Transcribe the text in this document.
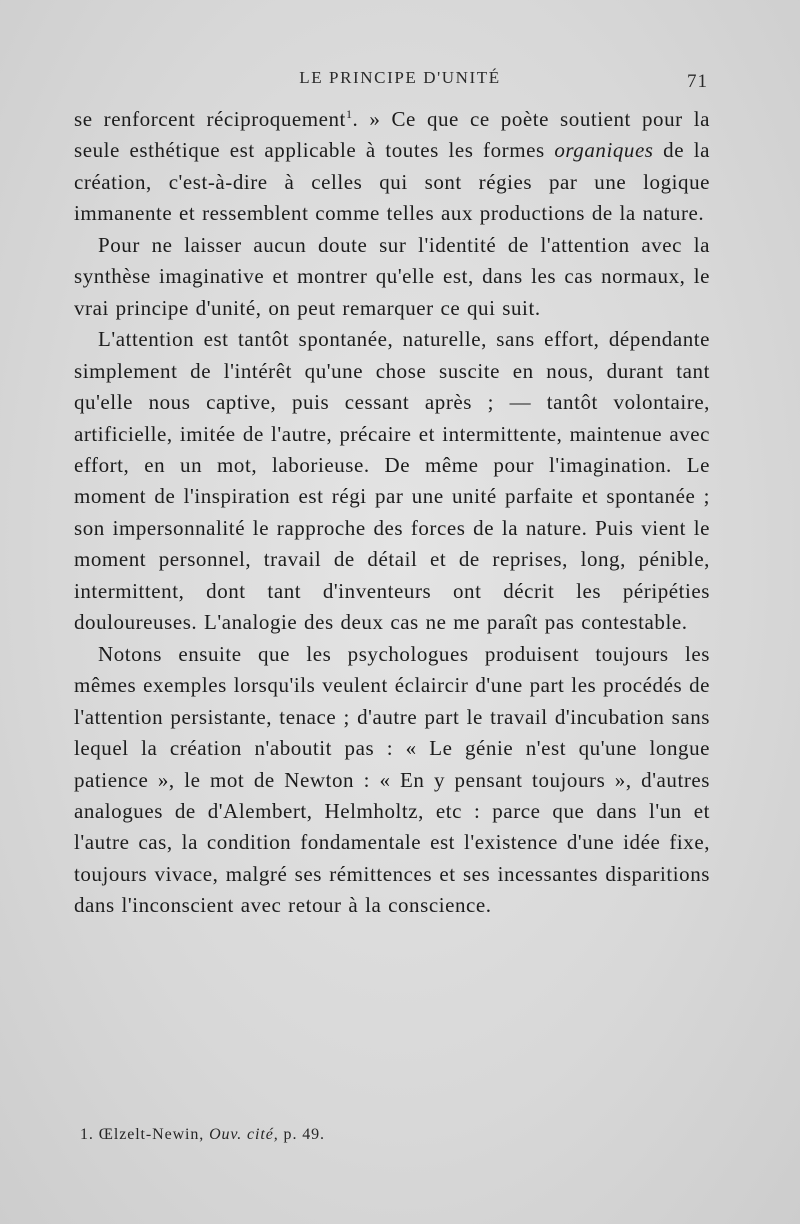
LE PRINCIPE D'UNITÉ	71

se renforcent réciproquement$^1$. » Ce que ce poète soutient pour la seule esthétique est applicable à toutes les formes organiques de la création, c'est-à-dire à celles qui sont régies par une logique immanente et ressemblent comme telles aux productions de la nature.

Pour ne laisser aucun doute sur l'identité de l'attention avec la synthèse imaginative et montrer qu'elle est, dans les cas normaux, le vrai principe d'unité, on peut remarquer ce qui suit.

L'attention est tantôt spontanée, naturelle, sans effort, dépendante simplement de l'intérêt qu'une chose suscite en nous, durant tant qu'elle nous captive, puis cessant après ; — tantôt volontaire, artificielle, imitée de l'autre, précaire et intermittente, maintenue avec effort, en un mot, laborieuse. De même pour l'imagination. Le moment de l'inspiration est régi par une unité parfaite et spontanée ; son impersonnalité le rapproche des forces de la nature. Puis vient le moment personnel, travail de détail et de reprises, long, pénible, intermittent, dont tant d'inventeurs ont décrit les péripéties douloureuses. L'analogie des deux cas ne me paraît pas contestable.

Notons ensuite que les psychologues produisent toujours les mêmes exemples lorsqu'ils veulent éclaircir d'une part les procédés de l'attention persistante, tenace ; d'autre part le travail d'incubation sans lequel la création n'aboutit pas : « Le génie n'est qu'une longue patience », le mot de Newton : « En y pensant toujours », d'autres analogues de d'Alembert, Helmholtz, etc : parce que dans l'un et l'autre cas, la condition fondamentale est l'existence d'une idée fixe, toujours vivace, malgré ses rémittences et ses incessantes disparitions dans l'inconscient avec retour à la conscience.

1. Œlzelt-Newin, Ouv. cité, p. 49.
